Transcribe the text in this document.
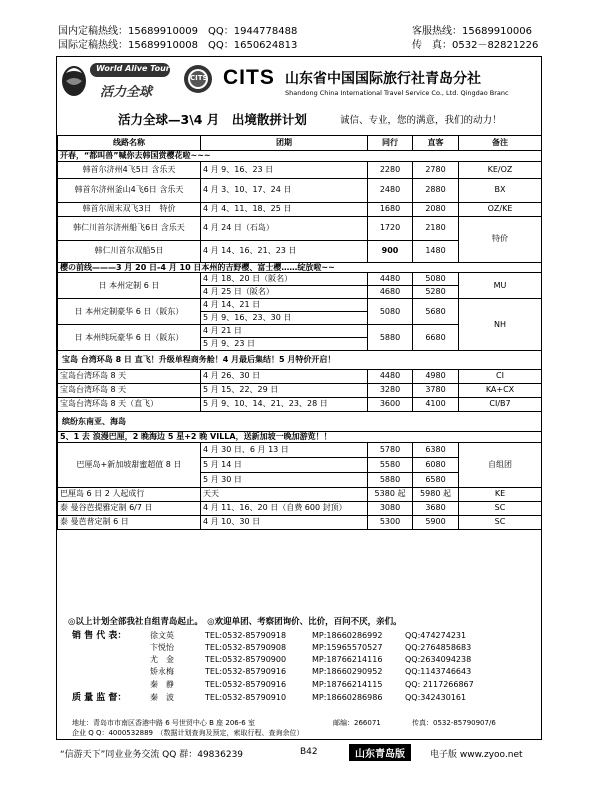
国内定稿热线：15689910009　QQ：1944778488
国际定稿热线：15689910008　QQ：1650624813
客服热线：15689910006
传　真：0532－82821226
World Alive Tour
活力全球
CITS CITS 山东省中国国际旅行社青岛分社
Shandong China International Travel Service Co., Ltd. Qingdao Branc
活力全球—3\4 月　出境散拼计划	诚信、专业，您的满意，我们的动力！
线路名称	团期	同行	直客	备注
开春，“都叫兽”喊你去韩国赏樱花啦~~~				
韩首尔济州4飞5日 含乐天	4 月 9、16、23 日	2280	2780	KE/OZ
韩首尔济州釜山4飞6日 含乐天	4 月 3、10、17、24 日	2480	2880	BX
韩首尔周末双飞3日　特价	4 月 4、11、18、25 日	1680	2080	OZ/KE
韩仁川首尔济州船飞6日 含乐天	4 月 24 日（石岛）	1720	2180	特价
韩仁川首尔双船5日	4 月 14、16、21、23 日	900	1480	
樱の前线———3 月 20 日-4 月 10 日本州的吉野樱、富士樱……绽放啦~~				
日 本州定制 6 日	4 月 18、20 日（阪名）	4480	5080	MU
	4 月 25 日（阪名）	4680	5280	
日 本州定制豪华 6 日（阪东）	4 月 14、21 日	5080	5680	NH
	5 月 9、16、23、30 日			
日 本州纯玩豪华 6 日（阪东）	4 月 21 日	5880	6680	
	5 月 9、23 日			
宝岛 台湾环岛 8 日 直飞！升级单程商务舱！4 月最后集结！5 月特价开启！				
宝岛台湾环岛 8 天	4 月 26、30 日	4480	4980	CI
宝岛台湾环岛 8 天	5 月 15、22、29 日	3280	3780	KA+CX
宝岛台湾环岛 8 天（直飞）	5 月 9、10、14、21、23、28 日	3600	4100	CI/B7
缤纷东南亚、海岛				
5、1 去 浪漫巴厘，2 晚海边 5 星+2 晚 VILLA，送新加坡一晚加游览！！				
巴厘岛+新加坡甜蜜超值 8 日	4 月 30 日、6 月 13 日	5780	6380	自组团
	5 月 14 日	5580	6080	
	5 月 30 日	5880	6580	
巴厘岛 6 日 2 人起成行	天天	5380 起	5980 起	KE
泰 曼谷芭提雅定制 6/7 日	4 月 11、16、20 日（自费 600 封顶）	3080	3680	SC
泰 曼芭普定制 6 日	4 月 10、30 日	5300	5900	SC
◎以上计划全部我社自组青岛起止。　◎欢迎单团、考察团询价、比价，百问不厌，亲们。
销 售 代 表：
质 量 监 督：
徐文英	TEL:0532-85790918	MP:18660286992	QQ:474274231
卞悦怡	TEL:0532-85790908	MP:15965570527	QQ:2764858683
尤　金	TEL:0532-85790900	MP:18766214116	QQ:2634094238
矫永梅	TEL:0532-85790916	MP:18660290952	QQ:1143746643
秦　静	TEL:0532-85790916	MP:18766214115	QQ: 2117266867
秦　波	TEL:0532-85790910	MP:18660286986	QQ:342430161
企业 Q Q：4000532889　（数据计划查询及预定，索取行程、查询余位）
地址：青岛市市南区香港中路 6 号世贸中心 B 座 206-6 室	邮编：266071	传真：0532-85790907/6
“信游天下”同业业务交流 QQ 群：49836239	B42	山东青岛版	电子版 www.zyoo.net
